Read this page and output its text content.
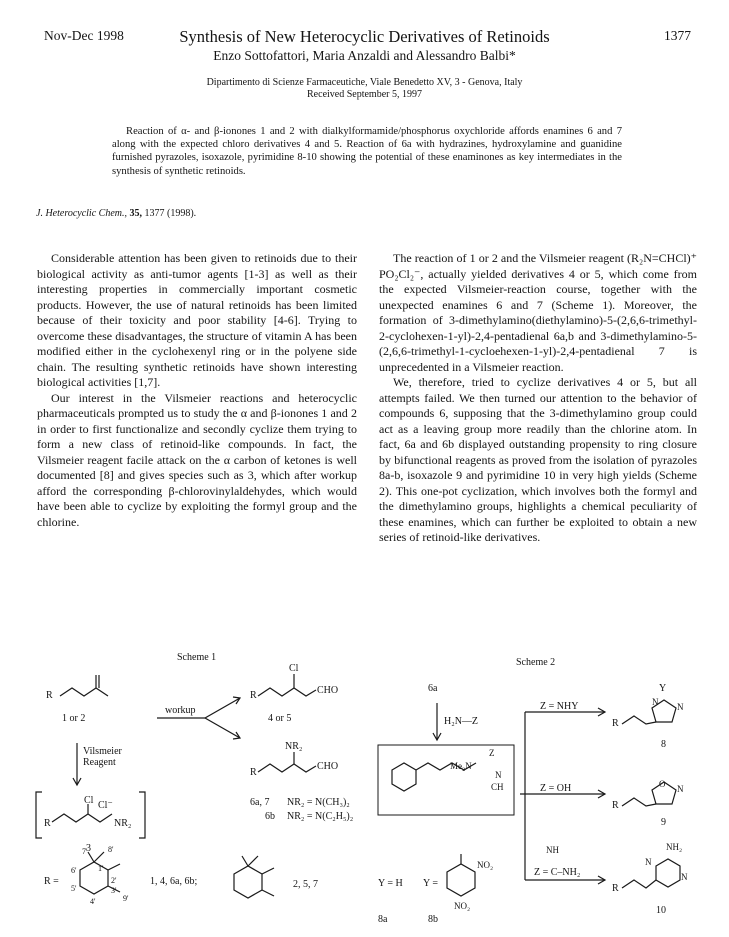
Nov-Dec 1998	1377
Synthesis of New Heterocyclic Derivatives of Retinoids
Enzo Sottofattori, Maria Anzaldi and Alessandro Balbi*
Dipartimento di Scienze Farmaceutiche, Viale Benedetto XV, 3 - Genova, Italy
Received September 5, 1997
Reaction of α- and β-ionones 1 and 2 with dialkylformamide/phosphorus oxychloride affords enamines 6 and 7 along with the expected chloro derivatives 4 and 5. Reaction of 6a with hydrazines, hydroxylamine and guanidine furnished pyrazoles, isoxazole, pyrimidine 8-10 showing the potential of these enaminones as key intermediates in the synthesis of synthetic retinoids.
J. Heterocyclic Chem., 35, 1377 (1998).

Considerable attention has been given to retinoids due to their biological activity as anti-tumor agents [1-3] as well as their interesting properties in commercially important cosmetic products. However, the use of natural retinoids has been limited because of their toxicity and poor stability [4-6]. Trying to overcome these disadvantages, the structure of vitamin A has been modified either in the cyclohexenyl ring or in the polyene side chain. The resulting synthetic retinoids have shown interesting biological activities [1,7].

Our interest in the Vilsmeier reactions and heterocyclic pharmaceuticals prompted us to study the α and β-ionones 1 and 2 in order to first functionalize and secondly cyclize them trying to form a new class of retinoid-like compounds. In fact, the Vilsmeier reagent facile attack on the α carbon of ketones is well documented [8] and gives species such as 3, which after workup afford the corresponding β-chlorovinylaldehydes, which would have been able to cyclize by exploiting the formyl group and the chlorine.

The reaction of 1 or 2 and the Vilsmeier reagent (R₂N=CHCl)⁺ PO₂Cl₂⁻, actually yielded derivatives 4 or 5, which come from the expected Vilsmeier-reaction course, together with the unexpected enamines 6 and 7 (Scheme 1). Moreover, the formation of 3-dimethylamino(diethylamino)-5-(2,6,6-trimethyl-2-cyclohexen-1-yl)-2,4-pentadienal 6a,b and 3-dimethylamino-5-(2,6,6-trimethyl-1-cycloehexen-1-yl)-2,4-pentadienal 7 is unprecedented in a Vilsmeier reaction.

We, therefore, tried to cyclize derivatives 4 or 5, but all attempts failed. We then turned our attention to the behavior of compounds 6, supposing that the 3-dimethylamino group could act as a leaving group more readily than the chlorine atom. In fact, 6a and 6b displayed outstanding propensity to ring closure by bifunctional reagents as proved from the isolation of pyrazoles 8a-b, isoxazole 9 and pyrimidine 10 in very high yields (Scheme 2). This one-pot cyclization, which involves both the formyl and the dimethylamino groups, highlights a chemical peculiarity of these enamines, which can further be exploited to obtain a new series of retinoid-like derivatives.

Scheme 1
R
1 or 2
workup
Vilsmeier
Reagent
R
Cl
CHO
4 or 5
R
NR₂
CHO
6a, 7 NR₂ = N(CH₃)₂
6b NR₂ = N(C₂H₅)₂
R
Cl Cl⁻
NR₂
3
R =
7'	8'
6'	1'
2'
5'
4'
3'
9'
1, 4, 6a, 6b;	2, 5, 7
Scheme 2
6a
H₂N—Z
Me₂N
Z
N
CH
Z = NHY
Z = OH
NH
Z = C–NH₂
R
Y
N N
8
R
O N
9
R
NH₂
N
N
10
Y = H Y =
NO₂
NO₂
8a	8b
